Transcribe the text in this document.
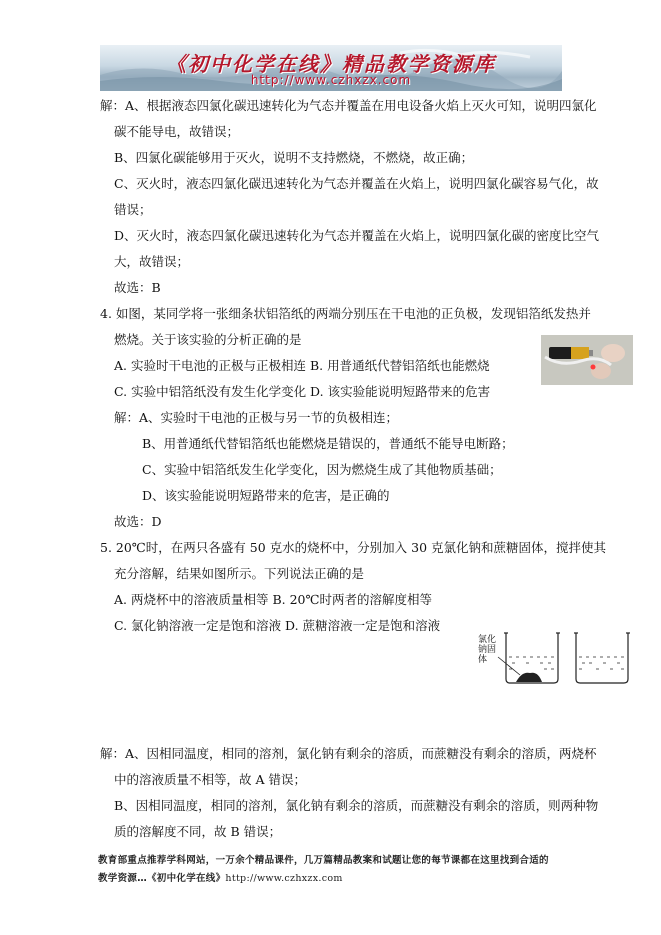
《初中化学在线》精品教学资源库
http://www.czhxzx.com
解：A、根据液态四氯化碳迅速转化为气态并覆盖在用电设备火焰上灭火可知，说明四氯化
碳不能导电，故错误；
B、四氯化碳能够用于灭火，说明不支持燃烧，不燃烧，故正确；
C、灭火时，液态四氯化碳迅速转化为气态并覆盖在火焰上，说明四氯化碳容易气化，故
错误；
D、灭火时，液态四氯化碳迅速转化为气态并覆盖在火焰上，说明四氯化碳的密度比空气
大，故错误；
故选：B
4. 如图，某同学将一张细条状铝箔纸的两端分别压在干电池的正负极，发现铝箔纸发热并
燃烧。关于该实验的分析正确的是
A. 实验时干电池的正极与正极相连 B. 用普通纸代替铝箔纸也能燃烧
C. 实验中铝箔纸没有发生化学变化 D. 该实验能说明短路带来的危害
解：A、实验时干电池的正极与另一节的负极相连；
B、用普通纸代替铝箔纸也能燃烧是错误的，普通纸不能导电断路；
C、实验中铝箔纸发生化学变化，因为燃烧生成了其他物质基础；
D、该实验能说明短路带来的危害，是正确的
故选：D
5. 20℃时，在两只各盛有 50 克水的烧杯中，分别加入 30 克氯化钠和蔗糖固体，搅拌使其
充分溶解，结果如图所示。下列说法正确的是
A. 两烧杯中的溶液质量相等 B. 20℃时两者的溶解度相等
C. 氯化钠溶液一定是饱和溶液 D. 蔗糖溶液一定是饱和溶液
解：A、因相同温度，相同的溶剂，氯化钠有剩余的溶质，而蔗糖没有剩余的溶质，两烧杯
中的溶液质量不相等，故 A 错误；
B、因相同温度，相同的溶剂，氯化钠有剩余的溶质，而蔗糖没有剩余的溶质，则两种物
质的溶解度不同，故 B 错误；
氯化
钠固
体
教育部重点推荐学科网站，一万余个精品课件，几万篇精品教案和试题让您的每节课都在这里找到合适的
教学资源…《初中化学在线》http://www.czhxzx.com
